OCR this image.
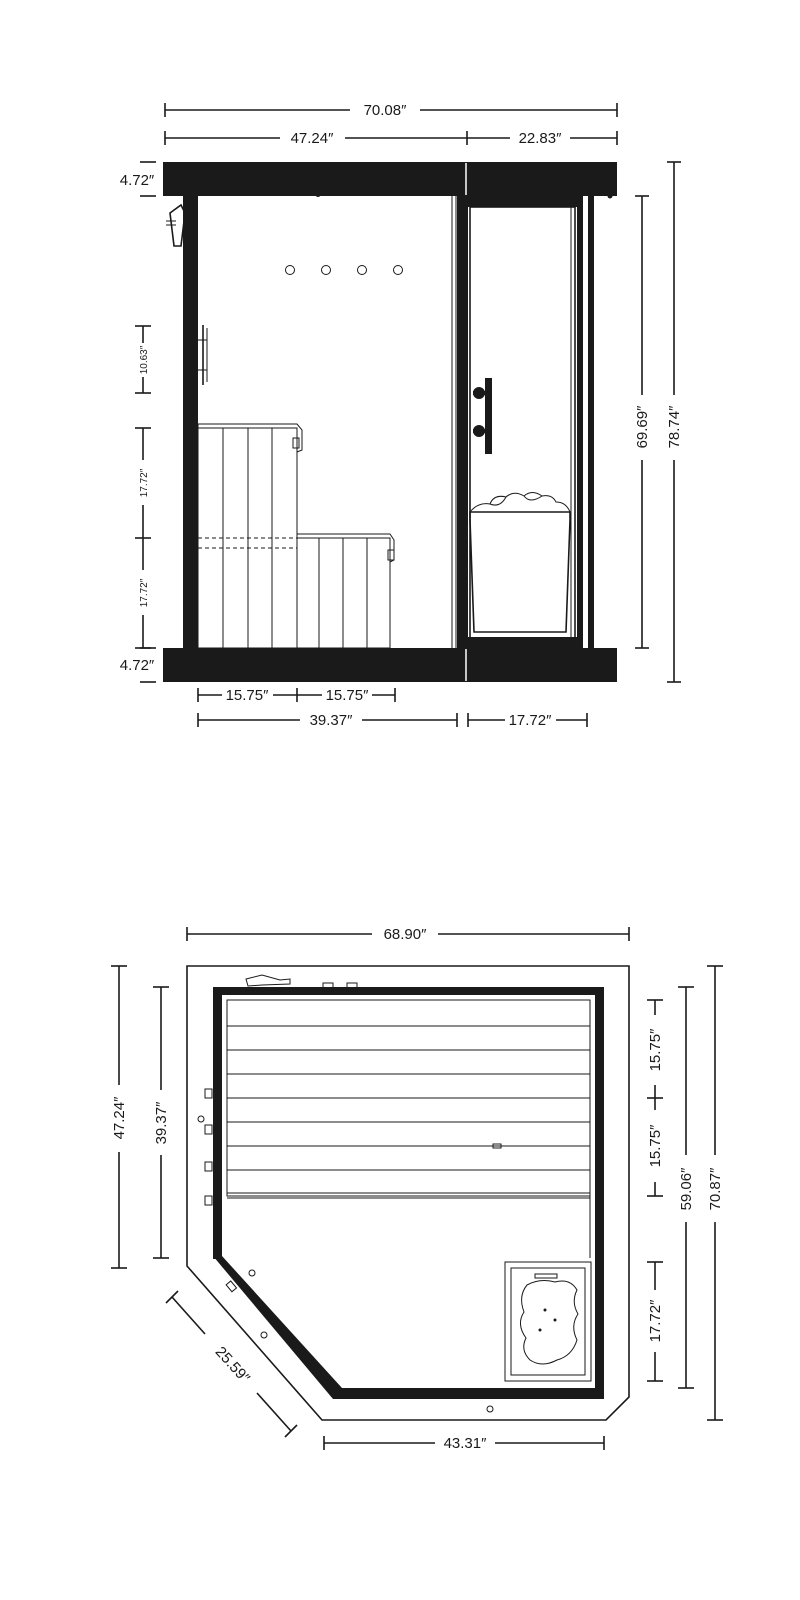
70.08″
47.24″	22.83″
4.72″
4.72″
10.63″
17.72″
17.72″
69.69″ 78.74″
15.75″	15.75″
39.37″	17.72″
68.90″
47.24″ 39.37″
25.59″
43.31″
15.75″
15.75″
17.72″
59.06″ 70.87″
